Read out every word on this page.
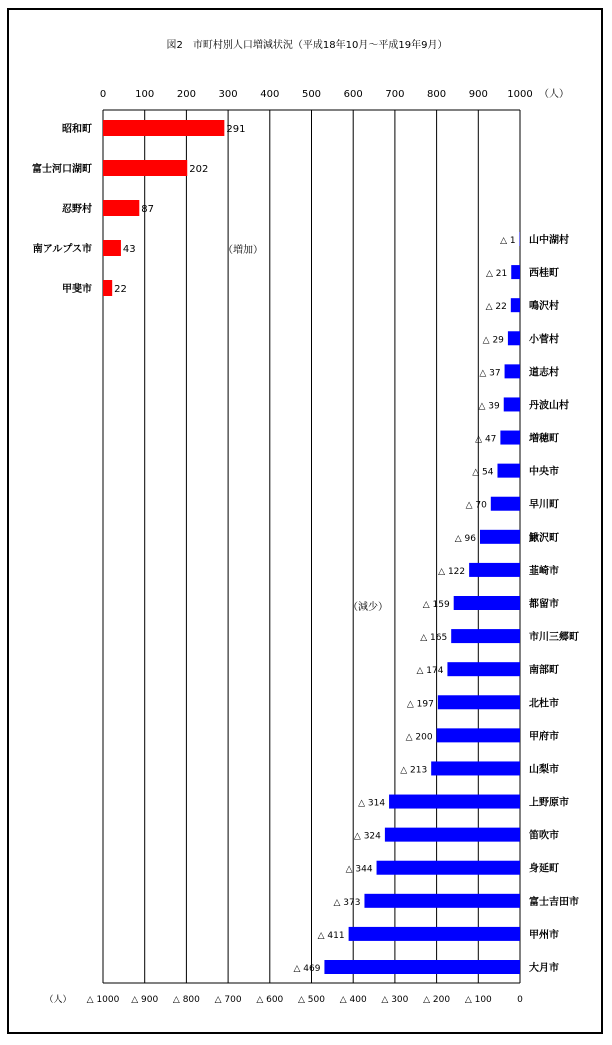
図2　市町村別人口増減状況（平成18年10月～平成19年9月）
0	100 200 300 400 500 600 700 800 900 1000 （人）
△ 1000 △ 900 △ 800 △ 700 △ 600 △ 500 △ 400 △ 300 △ 200 △ 100	0
（人）
昭和町	291
富士河口湖町	202
忍野村	87
南アルプス市	43
甲斐市 22
山中湖村
△ 1
西桂町
△ 21
鳴沢村
△ 22
小菅村
△ 29
道志村
△ 37
丹波山村
△ 39
増穂町
△ 47
中央市
△ 54
早川町
△ 70
鰍沢町
△ 96
韮崎市
△ 122
都留市
△ 159
市川三郷町
△ 165
南部町
△ 174
北杜市
△ 197
甲府市
△ 200
山梨市
△ 213
上野原市
△ 314
笛吹市
△ 324
身延町
△ 344
富士吉田市
△ 373
甲州市
△ 411
大月市
△ 469
（増加）
（減少）
